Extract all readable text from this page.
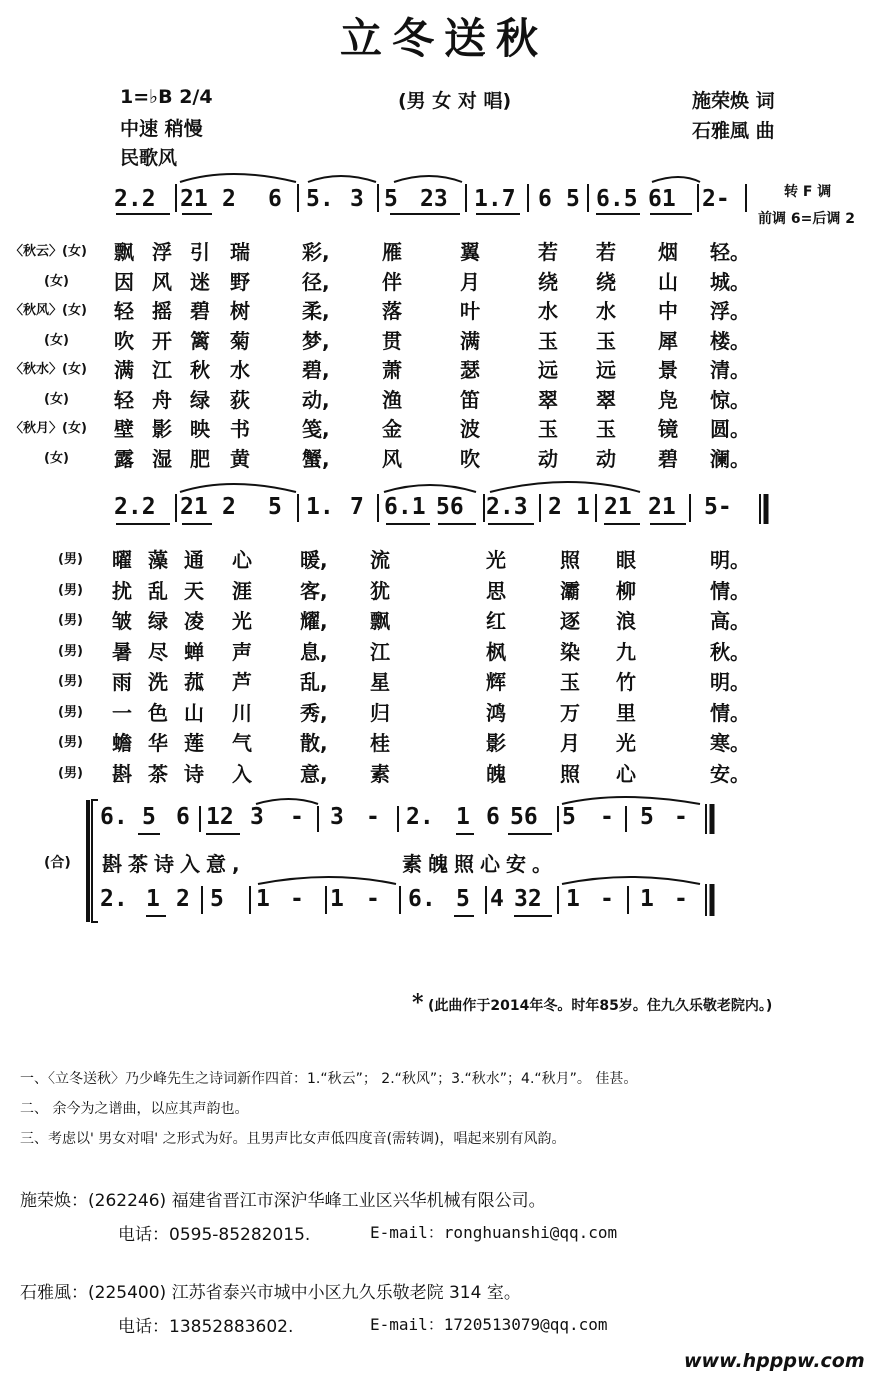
立冬送秋
1=♭B 2/4
中速 稍慢
民歌风
(男 女 对 唱)	施荣焕 词
石雅風 曲
转 F 调
前调 6=后调 2
2.2 21 2 6 5. 3 5 23 1.7 6 5 6.5 61 2-
〈秋云〉(女) 飘 浮 引 瑞	彩,	雁	翼	若 若 烟 轻。
(女) 因 风 迷 野	径,	伴	月	绕 绕 山 城。
〈秋风〉(女) 轻 摇 碧 树	柔,	落	叶	水 水 中 浮。
(女) 吹 开 篱 菊	梦,	贯	满	玉 玉 犀 楼。
〈秋水〉(女) 满 江 秋 水	碧,	萧	瑟	远 远 景 清。
(女) 轻 舟 绿 荻	动,	渔	笛	翠 翠 凫 惊。
〈秋月〉(女) 壁 影 映 书	笺,	金	波	玉 玉 镜 圆。
(女) 露 湿 肥 黄	蟹,	风	吹	动 动 碧 澜。
2.2 21 2 5 1. 7 6.1 56 2.3 2 1 21 21 5-
(男) 曜 藻 通 心 暖, 流	光	照 眼	明。
(男) 扰 乱 天 涯 客, 犹	思	灞 柳	情。
(男) 皱 绿 凌 光 耀, 飘	红	逐 浪	高。
(男) 暑 尽 蝉 声 息, 江	枫	染 九	秋。
(男) 雨 洗 菰 芦 乱, 星	辉	玉 竹	明。
(男) 一 色 山 川 秀, 归	鸿	万 里	情。
(男) 蟾 华 莲 气 散, 桂	影	月 光	寒。
(男) 斟 茶 诗 入 意, 素	魄	照 心	安。
6. 5 6 12 3 - 3 - 2. 1 6 56 5 - 5 -
2. 1 2 5 1 - 1 - 6. 5 4 32 1 - 1 -
(合) 斟茶诗入意,	素魄照心安。
* (此曲作于2014年冬。时年85岁。住九久乐敬老院内。)
一、〈立冬送秋〉乃少峰先生之诗词新作四首：1.“秋云”； 2.“秋风”；3.“秋水”；4.“秋月”。 佳甚。
二、 余今为之谱曲，以应其声韵也。
三、考虑以' 男女对唱' 之形式为好。且男声比女声低四度音(需转调)，唱起来别有风韵。
施荣焕：(262246) 福建省晋江市深沪华峰工业区兴华机械有限公司。
电话：0595-85282015.	E-mail：ronghuanshi@qq.com
石雅風：(225400) 江苏省泰兴市城中小区九久乐敬老院 314 室。
电话：13852883602.	E-mail：1720513079@qq.com
www.hpppw.com
